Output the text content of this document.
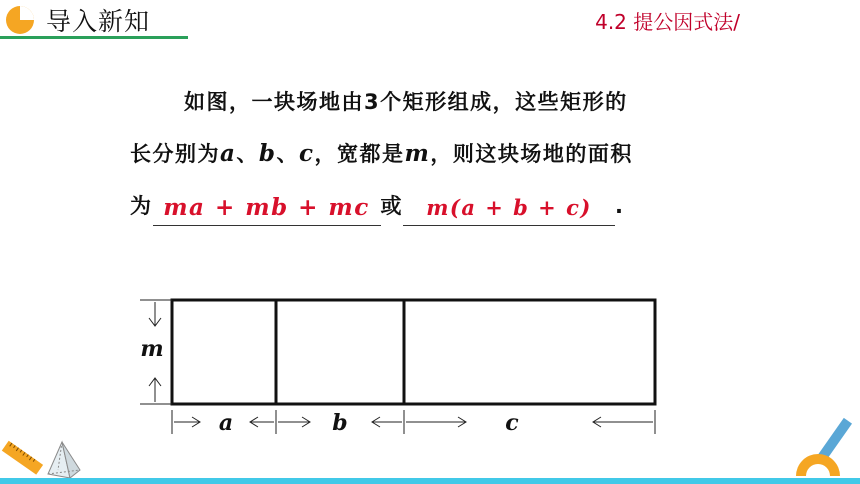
导入新知	4.2 提公因式法/
如图，一块场地由3个矩形组成，这些矩形的
长分别为a、b、c，宽都是m，则这块场地的面积
为 ma + mb + mc 或 m(a + b + c) .
m
a	b	c
